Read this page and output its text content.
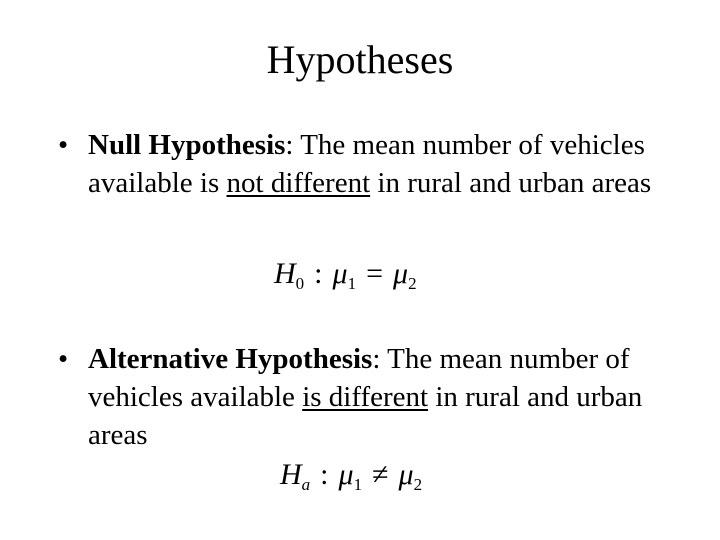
Hypotheses
• Null Hypothesis: The mean number of vehicles available is not different in rural and urban areas
$H_0$ : $\mu_1 = \mu_2$
• Alternative Hypothesis: The mean number of vehicles available is different in rural and urban areas
$H_a$ : $\mu_1 \ne \mu_2$
